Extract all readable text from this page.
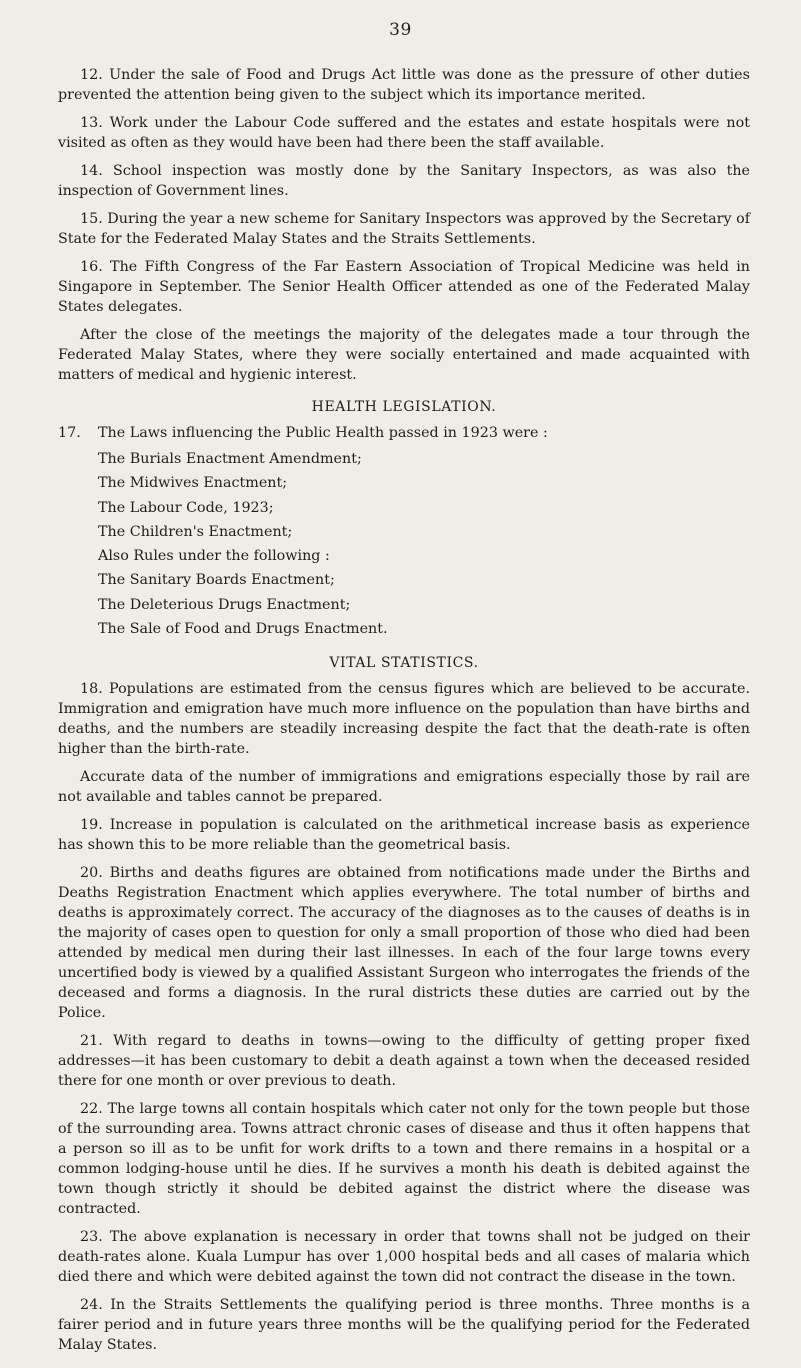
39

12. Under the sale of Food and Drugs Act little was done as the pressure of other duties prevented the attention being given to the subject which its importance merited.

13. Work under the Labour Code suffered and the estates and estate hospitals were not visited as often as they would have been had there been the staff available.

14. School inspection was mostly done by the Sanitary Inspectors, as was also the inspection of Government lines.

15. During the year a new scheme for Sanitary Inspectors was approved by the Secretary of State for the Federated Malay States and the Straits Settlements.

16. The Fifth Congress of the Far Eastern Association of Tropical Medicine was held in Singapore in September. The Senior Health Officer attended as one of the Federated Malay States delegates.

After the close of the meetings the majority of the delegates made a tour through the Federated Malay States, where they were socially entertained and made acquainted with matters of medical and hygienic interest.

HEALTH LEGISLATION.
17. The Laws influencing the Public Health passed in 1923 were :
The Burials Enactment Amendment;
The Midwives Enactment;
The Labour Code, 1923;
The Children's Enactment;
Also Rules under the following :
The Sanitary Boards Enactment;
The Deleterious Drugs Enactment;
The Sale of Food and Drugs Enactment.
VITAL STATISTICS.

18. Populations are estimated from the census figures which are believed to be accurate. Immigration and emigration have much more influence on the population than have births and deaths, and the numbers are steadily increasing despite the fact that the death-rate is often higher than the birth-rate.

Accurate data of the number of immigrations and emigrations especially those by rail are not available and tables cannot be prepared.

19. Increase in population is calculated on the arithmetical increase basis as experience has shown this to be more reliable than the geometrical basis.

20. Births and deaths figures are obtained from notifications made under the Births and Deaths Registration Enactment which applies everywhere. The total number of births and deaths is approximately correct. The accuracy of the diagnoses as to the causes of deaths is in the majority of cases open to question for only a small proportion of those who died had been attended by medical men during their last illnesses. In each of the four large towns every uncertified body is viewed by a qualified Assistant Surgeon who interrogates the friends of the deceased and forms a diagnosis. In the rural districts these duties are carried out by the Police.

21. With regard to deaths in towns—owing to the difficulty of getting proper fixed addresses—it has been customary to debit a death against a town when the deceased resided there for one month or over previous to death.

22. The large towns all contain hospitals which cater not only for the town people but those of the surrounding area. Towns attract chronic cases of disease and thus it often happens that a person so ill as to be unfit for work drifts to a town and there remains in a hospital or a common lodging-house until he dies. If he survives a month his death is debited against the town though strictly it should be debited against the district where the disease was contracted.

23. The above explanation is necessary in order that towns shall not be judged on their death-rates alone. Kuala Lumpur has over 1,000 hospital beds and all cases of malaria which died there and which were debited against the town did not contract the disease in the town.

24. In the Straits Settlements the qualifying period is three months. Three months is a fairer period and in future years three months will be the qualifying period for the Federated Malay States.
